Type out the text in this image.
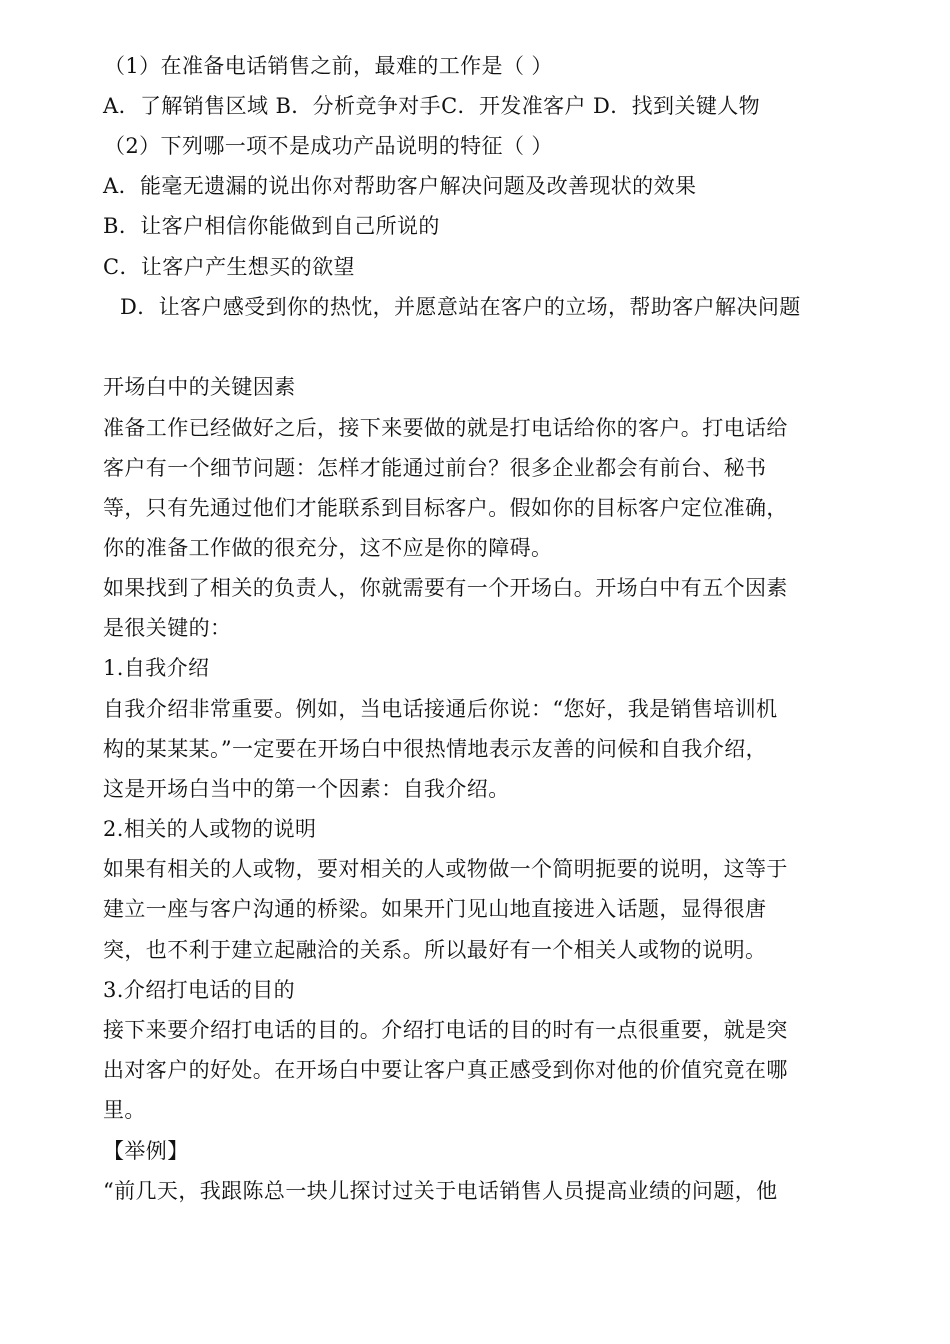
（1）在准备电话销售之前，最难的工作是（ ）
A．了解销售区域 B．分析竞争对手C．开发准客户 D．找到关键人物
（2）下列哪一项不是成功产品说明的特征（ ）
A．能毫无遗漏的说出你对帮助客户解决问题及改善现状的效果
B．让客户相信你能做到自己所说的
C．让客户产生想买的欲望
D．让客户感受到你的热忱，并愿意站在客户的立场，帮助客户解决问题
开场白中的关键因素
准备工作已经做好之后，接下来要做的就是打电话给你的客户。打电话给
客户有一个细节问题：怎样才能通过前台？很多企业都会有前台、秘书
等，只有先通过他们才能联系到目标客户。假如你的目标客户定位准确，
你的准备工作做的很充分，这不应是你的障碍。
如果找到了相关的负责人，你就需要有一个开场白。开场白中有五个因素
是很关键的：
1.自我介绍
自我介绍非常重要。例如，当电话接通后你说：“您好，我是销售培训机
构的某某某。”一定要在开场白中很热情地表示友善的问候和自我介绍，
这是开场白当中的第一个因素：自我介绍。
2.相关的人或物的说明
如果有相关的人或物，要对相关的人或物做一个简明扼要的说明，这等于
建立一座与客户沟通的桥梁。如果开门见山地直接进入话题，显得很唐
突，也不利于建立起融洽的关系。所以最好有一个相关人或物的说明。
3.介绍打电话的目的
接下来要介绍打电话的目的。介绍打电话的目的时有一点很重要，就是突
出对客户的好处。在开场白中要让客户真正感受到你对他的价值究竟在哪
里。
【举例】
“前几天，我跟陈总一块儿探讨过关于电话销售人员提高业绩的问题，他
